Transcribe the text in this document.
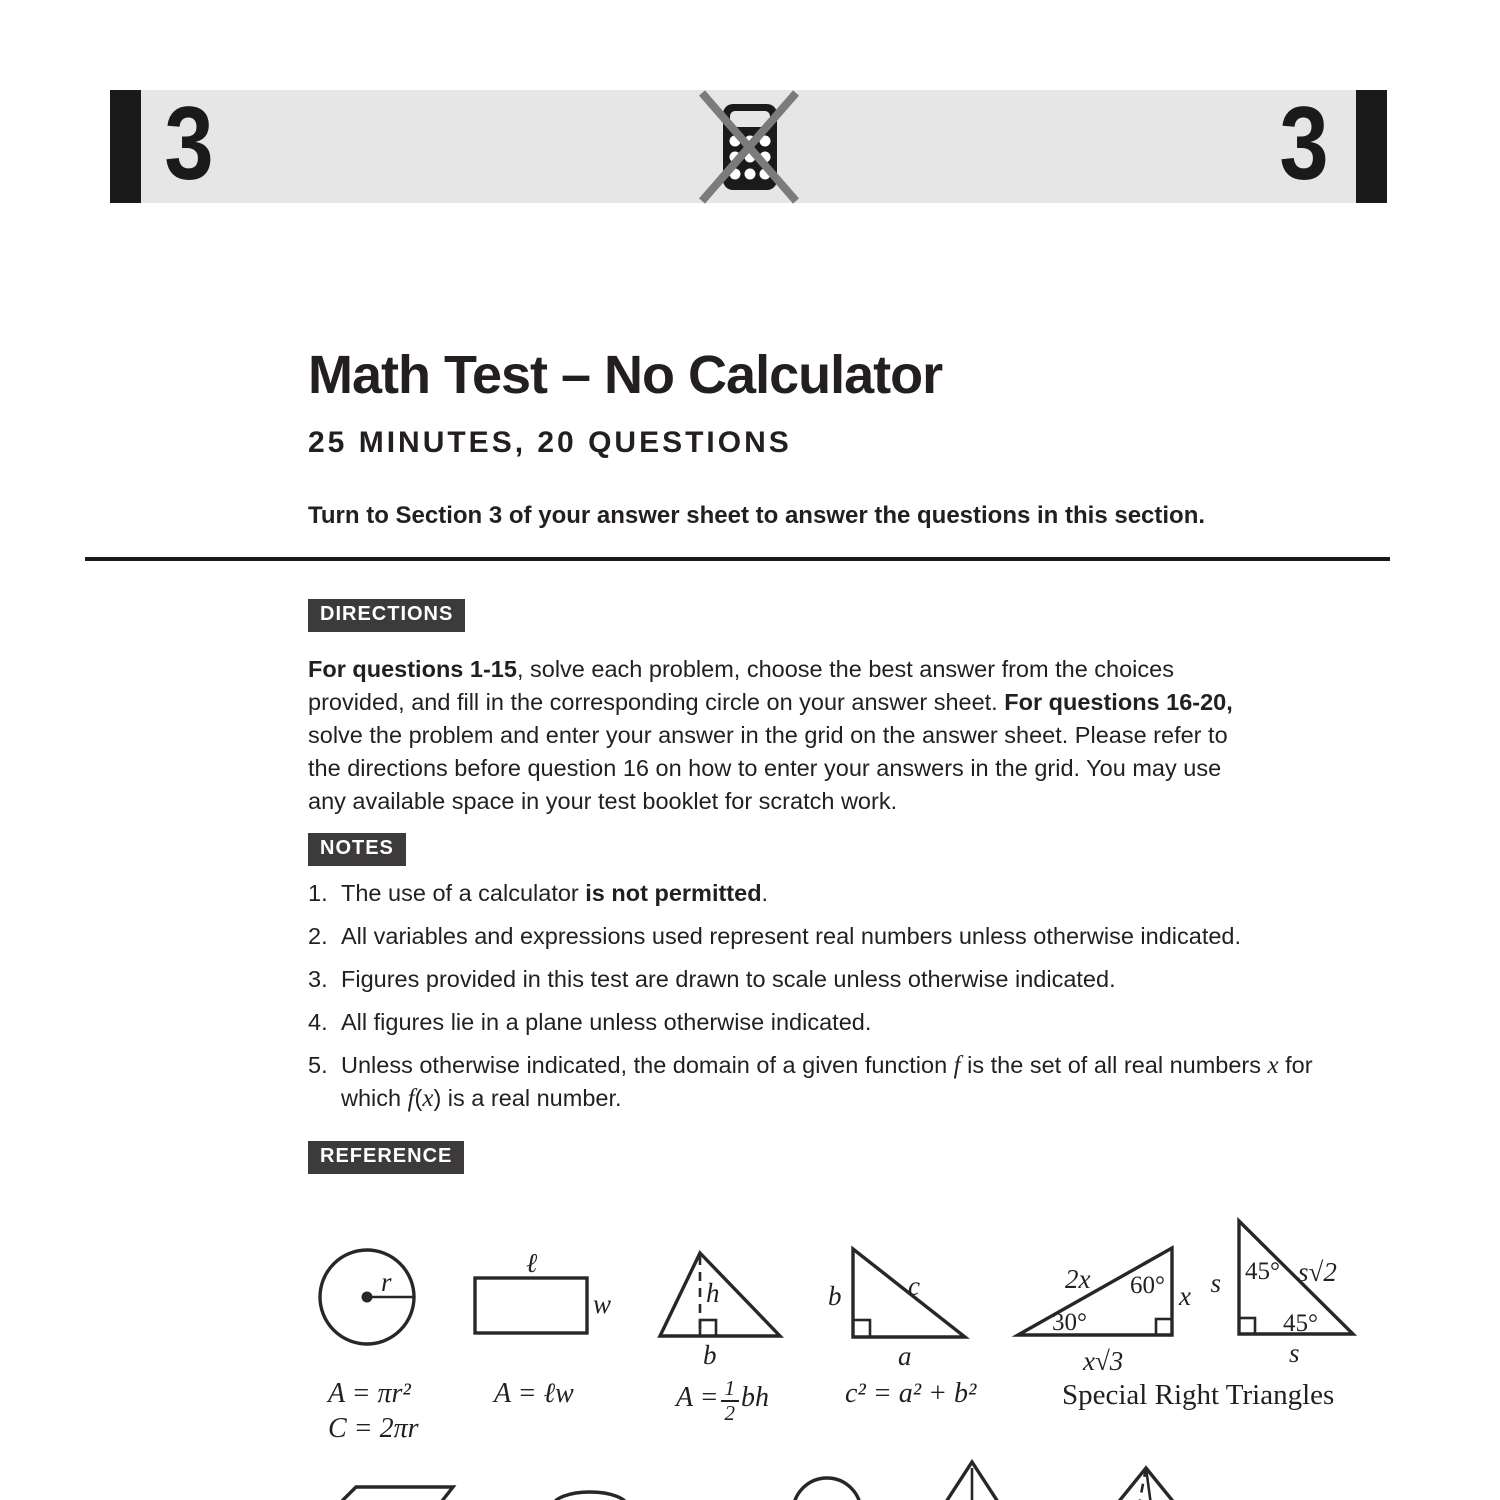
3	3
Math Test – No Calculator
25 MINUTES, 20 QUESTIONS
Turn to Section 3 of your answer sheet to answer the questions in this section.
DIRECTIONS
For questions 1-15, solve each problem, choose the best answer from the choices
provided, and fill in the corresponding circle on your answer sheet. For questions 16-20,
solve the problem and enter your answer in the grid on the answer sheet. Please refer to
the directions before question 16 on how to enter your answers in the grid. You may use
any available space in your test booklet for scratch work.
NOTES
1. The use of a calculator is not permitted.
2. All variables and expressions used represent real numbers unless otherwise indicated.
3. Figures provided in this test are drawn to scale unless otherwise indicated.
4. All figures lie in a plane unless otherwise indicated.
5. Unless otherwise indicated, the domain of a given function f is the set of all real numbers x for
which f(x) is a real number.
REFERENCE
r
ℓ
w	h
b
b c
a
2x 60°
30°
x
x√3
45°
s	s√2
45°
s
A = πr²
C = 2πr
A = ℓw	$A = \frac{1}{2}bh$	c² = a² + b²	Special Right Triangles
